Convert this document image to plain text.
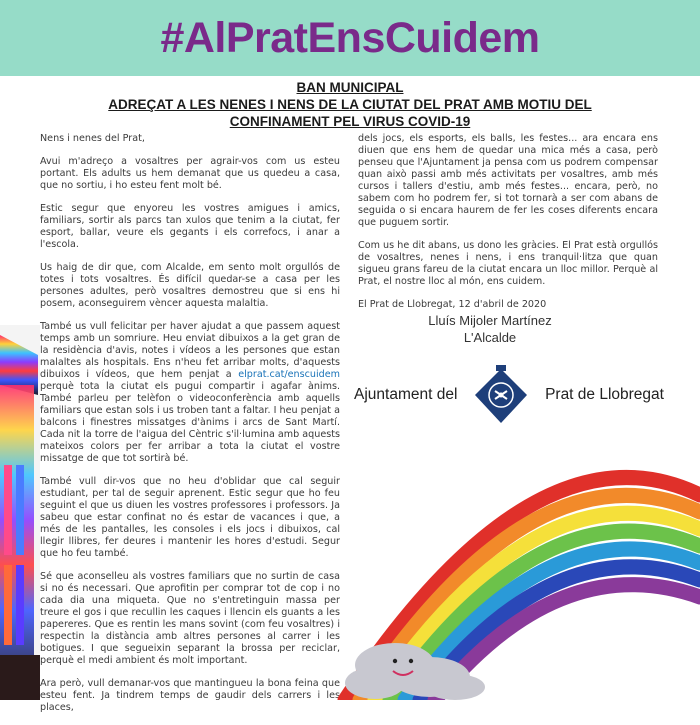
#AlPratEnsCuidem
BAN MUNICIPAL
ADREÇAT A LES NENES I NENS DE LA CIUTAT DEL PRAT AMB MOTIU DEL
CONFINAMENT PEL VIRUS COVID-19

Nens i nenes del Prat,

Avui m'adreço a vosaltres per agrair-vos com us esteu portant. Els adults us hem demanat que us quedeu a casa, que no sortiu, i ho esteu fent molt bé.

Estic segur que enyoreu les vostres amigues i amics, familiars, sortir als parcs tan xulos que tenim a la ciutat, fer esport, ballar, veure els gegants i els correfocs, i anar a l'escola.

Us haig de dir que, com Alcalde, em sento molt orgullós de totes i tots vosaltres. És difícil quedar-se a casa per les persones adultes, però vosaltres demostreu que si ens hi posem, aconseguirem vèncer aquesta malaltia.

També us vull felicitar per haver ajudat a que passem aquest temps amb un somriure. Heu enviat dibuixos a la get gran de la residència d'avis, notes i vídeos a les persones que estan malaltes als hospitals. Ens n'heu fet arribar molts, d'aquests dibuixos i vídeos, que hem penjat a elprat.cat/enscuidem perquè tota la ciutat els pugui compartir i agafar ànims. També parleu per telèfon o videoconferència amb aquells familiars que estan sols i us troben tant a faltar. I heu penjat a balcons i finestres missatges d'ànims i arcs de Sant Martí. Cada nit la torre de l'aigua del Cèntric s'il·lumina amb aquests mateixos colors per fer arribar a tota la ciutat el vostre missatge de que tot sortirà bé.

També vull dir-vos que no heu d'oblidar que cal seguir estudiant, per tal de seguir aprenent. Estic segur que ho feu seguint el que us diuen les vostres professores i professors. Ja sabeu que estar confinat no és estar de vacances i que, a més de les pantalles, les consoles i els jocs i dibuixos, cal llegir llibres, fer deures i mantenir les hores d'estudi. Segur que ho feu també.

Sé que aconselleu als vostres familiars que no surtin de casa si no és necessari. Que aprofitin per comprar tot de cop i no cada dia una miqueta. Que no s'entretinguin massa per treure el gos i que recullin les caques i llencin els guants a les papereres. Que es rentin les mans sovint (com feu vosaltres) i respectin la distància amb altres persones al carrer i les botigues. I que segueixin separant la brossa per reciclar, perquè el medi ambient és molt important.

Ara però, vull demanar-vos que mantingueu la bona feina que esteu fent. Ja tindrem temps de gaudir dels carrers i les places,

dels jocs, els esports, els balls, les festes... ara encara ens diuen que ens hem de quedar una mica més a casa, però penseu que l'Ajuntament ja pensa com us podrem compensar quan això passi amb més activitats per vosaltres, amb més cursos i tallers d'estiu, amb més festes... encara, però, no sabem com ho podrem fer, si tot tornarà a ser com abans de seguida o si encara haurem de fer les coses diferents encara que puguem sortir.

Com us he dit abans, us dono les gràcies. El Prat està orgullós de vosaltres, nenes i nens, i ens tranquil·litza que quan sigueu grans fareu de la ciutat encara un lloc millor. Perquè al Prat, el nostre lloc al món, ens cuidem.

El Prat de Llobregat, 12 d'abril de 2020

Lluís Mijoler Martínez
L'Alcalde
Ajuntament del	Prat de Llobregat
